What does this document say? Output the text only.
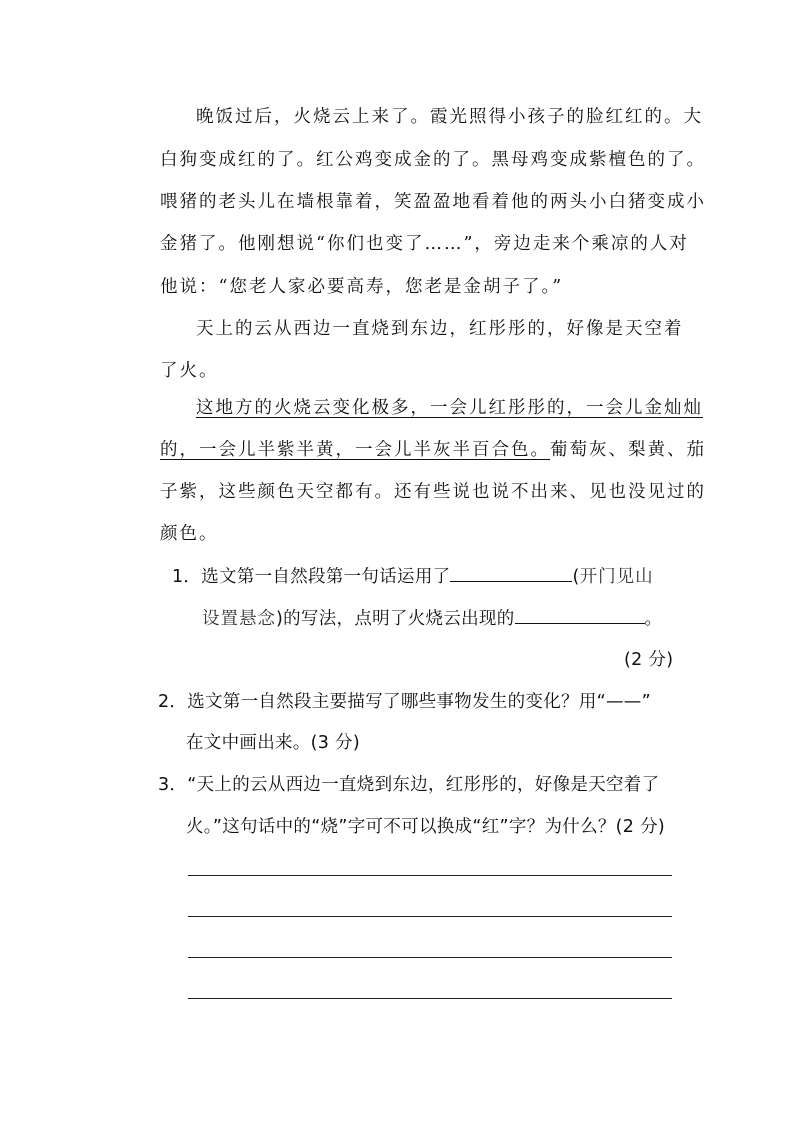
晚饭过后，火烧云上来了。霞光照得小孩子的脸红红的。大
白狗变成红的了。红公鸡变成金的了。黑母鸡变成紫檀色的了。
喂猪的老头儿在墙根靠着，笑盈盈地看着他的两头小白猪变成小
金猪了。他刚想说“你们也变了……”，旁边走来个乘凉的人对
他说：“您老人家必要高寿，您老是金胡子了。”
天上的云从西边一直烧到东边，红彤彤的，好像是天空着
了火。
这地方的火烧云变化极多，一会儿红彤彤的，一会儿金灿灿
的，一会儿半紫半黄，一会儿半灰半百合色。葡萄灰、梨黄、茄
子紫，这些颜色天空都有。还有些说也说不出来、见也没见过的
颜色。
1．选文第一自然段第一句话运用了	(开门见山
设置悬念)的写法，点明了火烧云出现的	。
(2 分)
2．选文第一自然段主要描写了哪些事物发生的变化？用“——”
在文中画出来。(3 分)
3．“天上的云从西边一直烧到东边，红彤彤的，好像是天空着了
火。”这句话中的“烧”字可不可以换成“红”字？为什么？(2 分)
